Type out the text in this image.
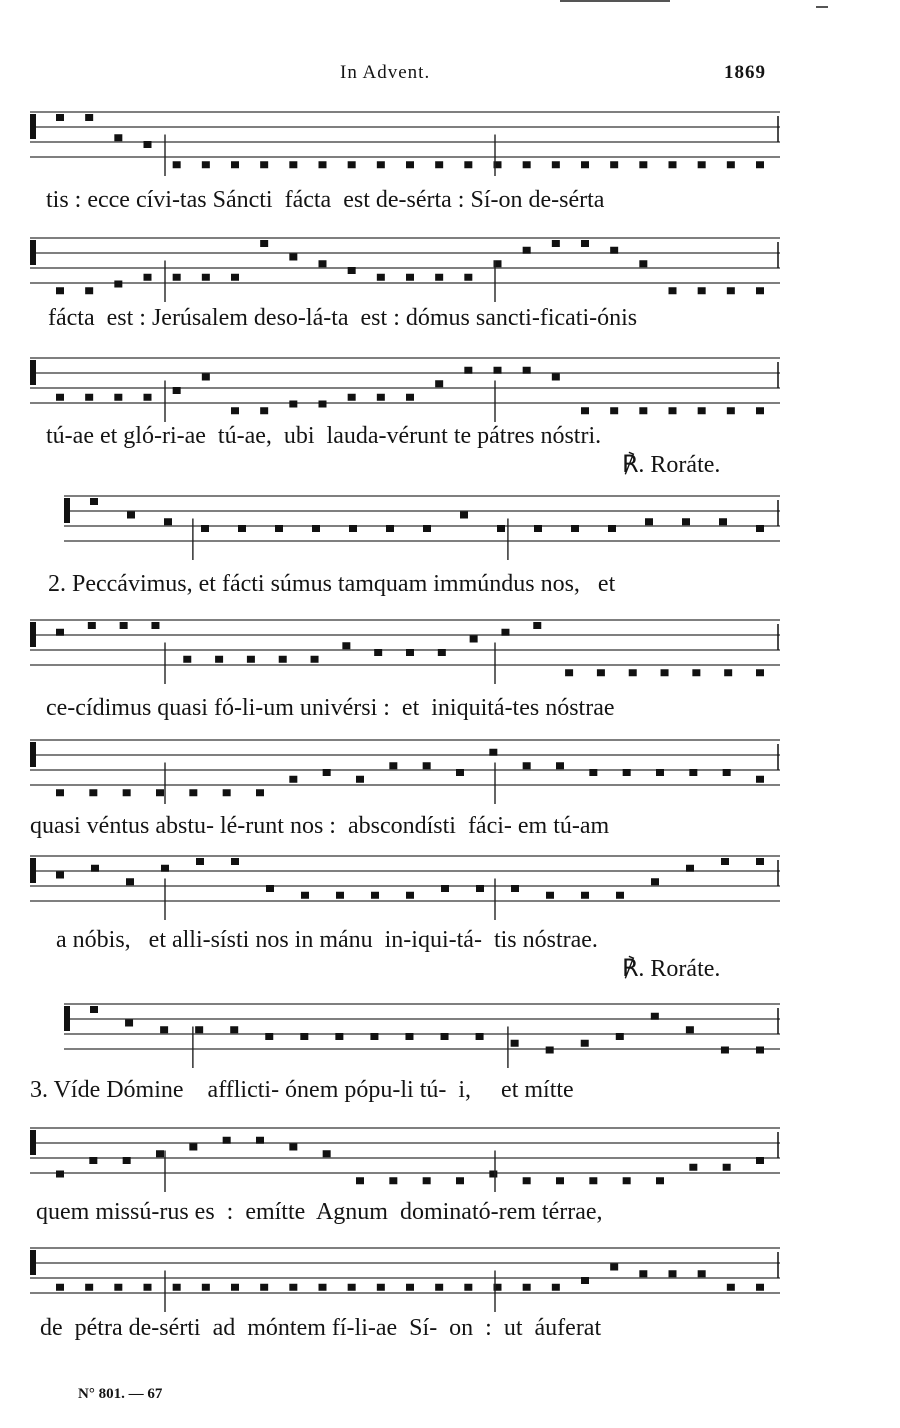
In Advent.	1869
tis : ecce cívi-tas Sáncti  fácta  est de-sérta : Sí-on de-sérta
fácta  est : Jerúsalem deso-lá-ta  est : dómus sancti-ficati-ónis
tú-ae et gló-ri-ae  tú-ae,  ubi  lauda-vérunt te pátres nóstri.
℟. Roráte.
2. Peccávimus, et fácti súmus tamquam immúndus nos,   et
ce-cídimus quasi fó-li-um univérsi :  et  iniquitá-tes nóstrae
quasi véntus abstu- lé-runt nos :  abscondísti  fáci- em tú-am
a nóbis,   et alli-sísti nos in mánu  in-iqui-tá-  tis nóstrae.
℟. Roráte.
3. Víde Dómine    afflicti- ónem pópu-li tú-  i,     et mítte
quem missú-rus es  :  emítte  Agnum  dominató-rem térrae,
de  pétra de-sérti  ad  móntem fí-li-ae  Sí-  on  :  ut  áuferat
N° 801. — 67
